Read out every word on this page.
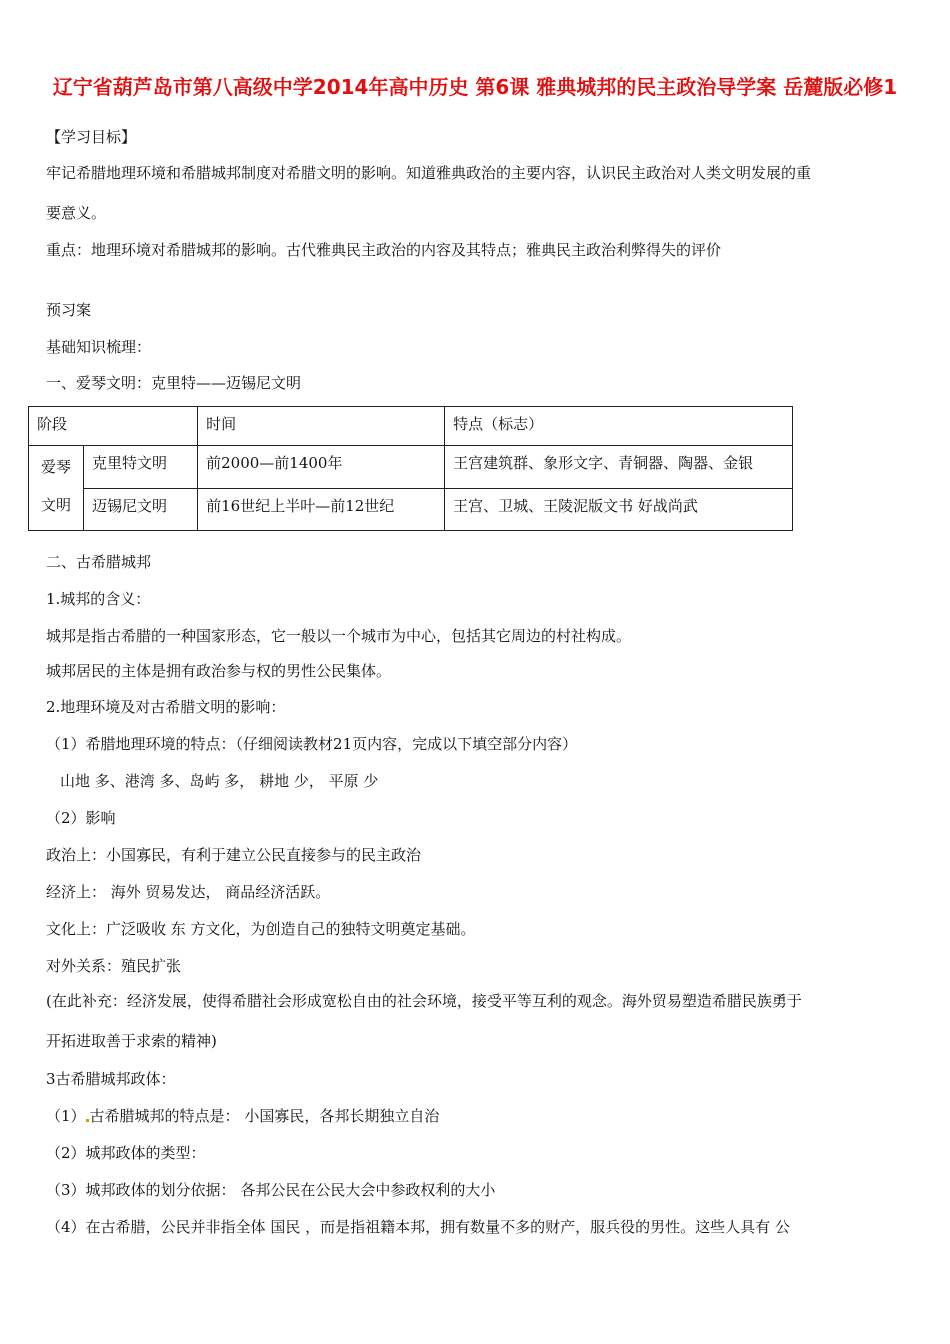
辽宁省葫芦岛市第八高级中学2014年高中历史 第6课 雅典城邦的民主政治导学案 岳麓版必修1
【学习目标】
牢记希腊地理环境和希腊城邦制度对希腊文明的影响。知道雅典政治的主要内容，认识民主政治对人类文明发展的重
要意义。
重点：地理环境对希腊城邦的影响。古代雅典民主政治的内容及其特点；雅典民主政治利弊得失的评价
预习案
基础知识梳理：
一、爱琴文明：克里特——迈锡尼文明
阶段		时间	特点（标志）
爱琴
文明	克里特文明	前2000—前1400年	王宫建筑群、象形文字、青铜器、陶器、金银
	迈锡尼文明	前16世纪上半叶—前12世纪	王宫、卫城、王陵泥版文书 好战尚武
二、古希腊城邦
1.城邦的含义：
城邦是指古希腊的一种国家形态，它一般以一个城市为中心，包括其它周边的村社构成。
城邦居民的主体是拥有政治参与权的男性公民集体。
2.地理环境及对古希腊文明的影响：
（1）希腊地理环境的特点：（仔细阅读教材21页内容，完成以下填空部分内容）
山地 多、港湾 多、岛屿 多， 耕地 少， 平原 少
（2）影响
政治上：小国寡民，有利于建立公民直接参与的民主政治
经济上： 海外 贸易发达， 商品经济活跃。
文化上：广泛吸收 东 方文化，为创造自己的独特文明奠定基础。
对外关系：殖民扩张
(在此补充：经济发展，使得希腊社会形成宽松自由的社会环境，接受平等互利的观念。海外贸易塑造希腊民族勇于
开拓进取善于求索的精神)
3古希腊城邦政体：
（1） 古希腊城邦的特点是： 小国寡民，各邦长期独立自治
（2）城邦政体的类型：
（3）城邦政体的划分依据： 各邦公民在公民大会中参政权利的大小
（4）在古希腊，公民并非指全体 国民 ，而是指祖籍本邦，拥有数量不多的财产，服兵役的男性。这些人具有 公
